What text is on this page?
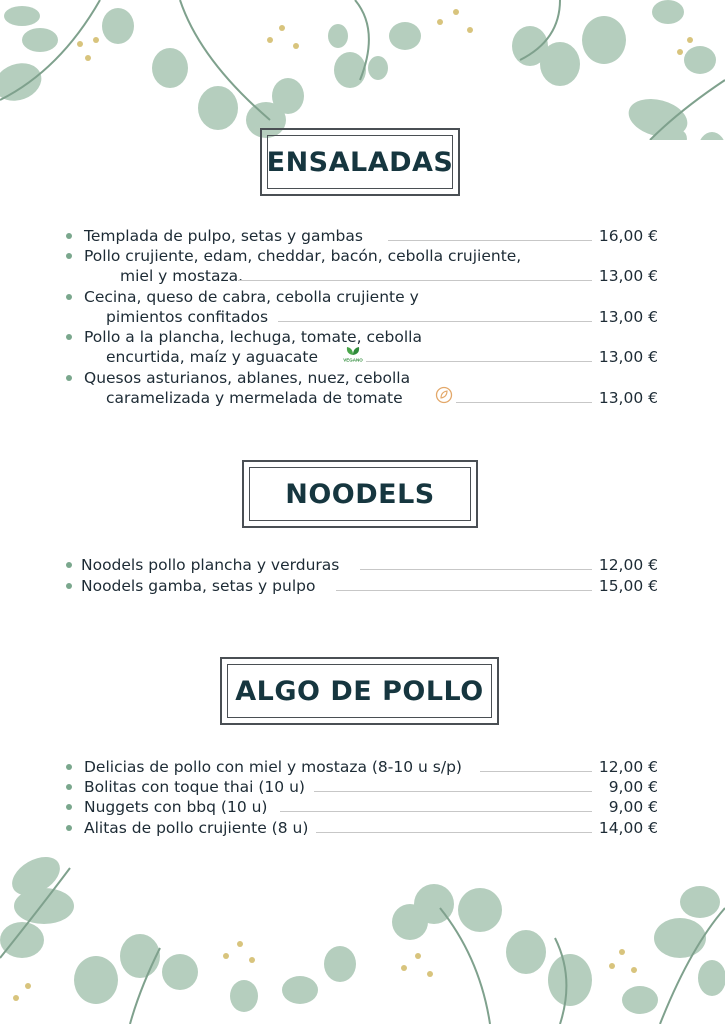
ENSALADAS
NOODELS
ALGO DE POLLO
Templada de pulpo, setas y gambas	16,00 €
Pollo crujiente, edam, cheddar, bacón, cebolla crujiente,
miel y mostaza.	13,00 €
Cecina, queso de cabra, cebolla crujiente y
pimientos confitados	13,00 €
Pollo a la plancha, lechuga, tomate, cebolla
encurtida, maíz y aguacate	VEGANO	13,00 €
Quesos asturianos, ablanes, nuez, cebolla
caramelizada y mermelada de tomate	13,00 €
Noodels pollo plancha y verduras	12,00 €
Noodels gamba, setas y pulpo	15,00 €
Delicias de pollo con miel y mostaza (8-10 u s/p)	12,00 €
Bolitas con toque thai (10 u)	9,00 €
Nuggets con bbq (10 u)	9,00 €
Alitas de pollo crujiente (8 u)	14,00 €
